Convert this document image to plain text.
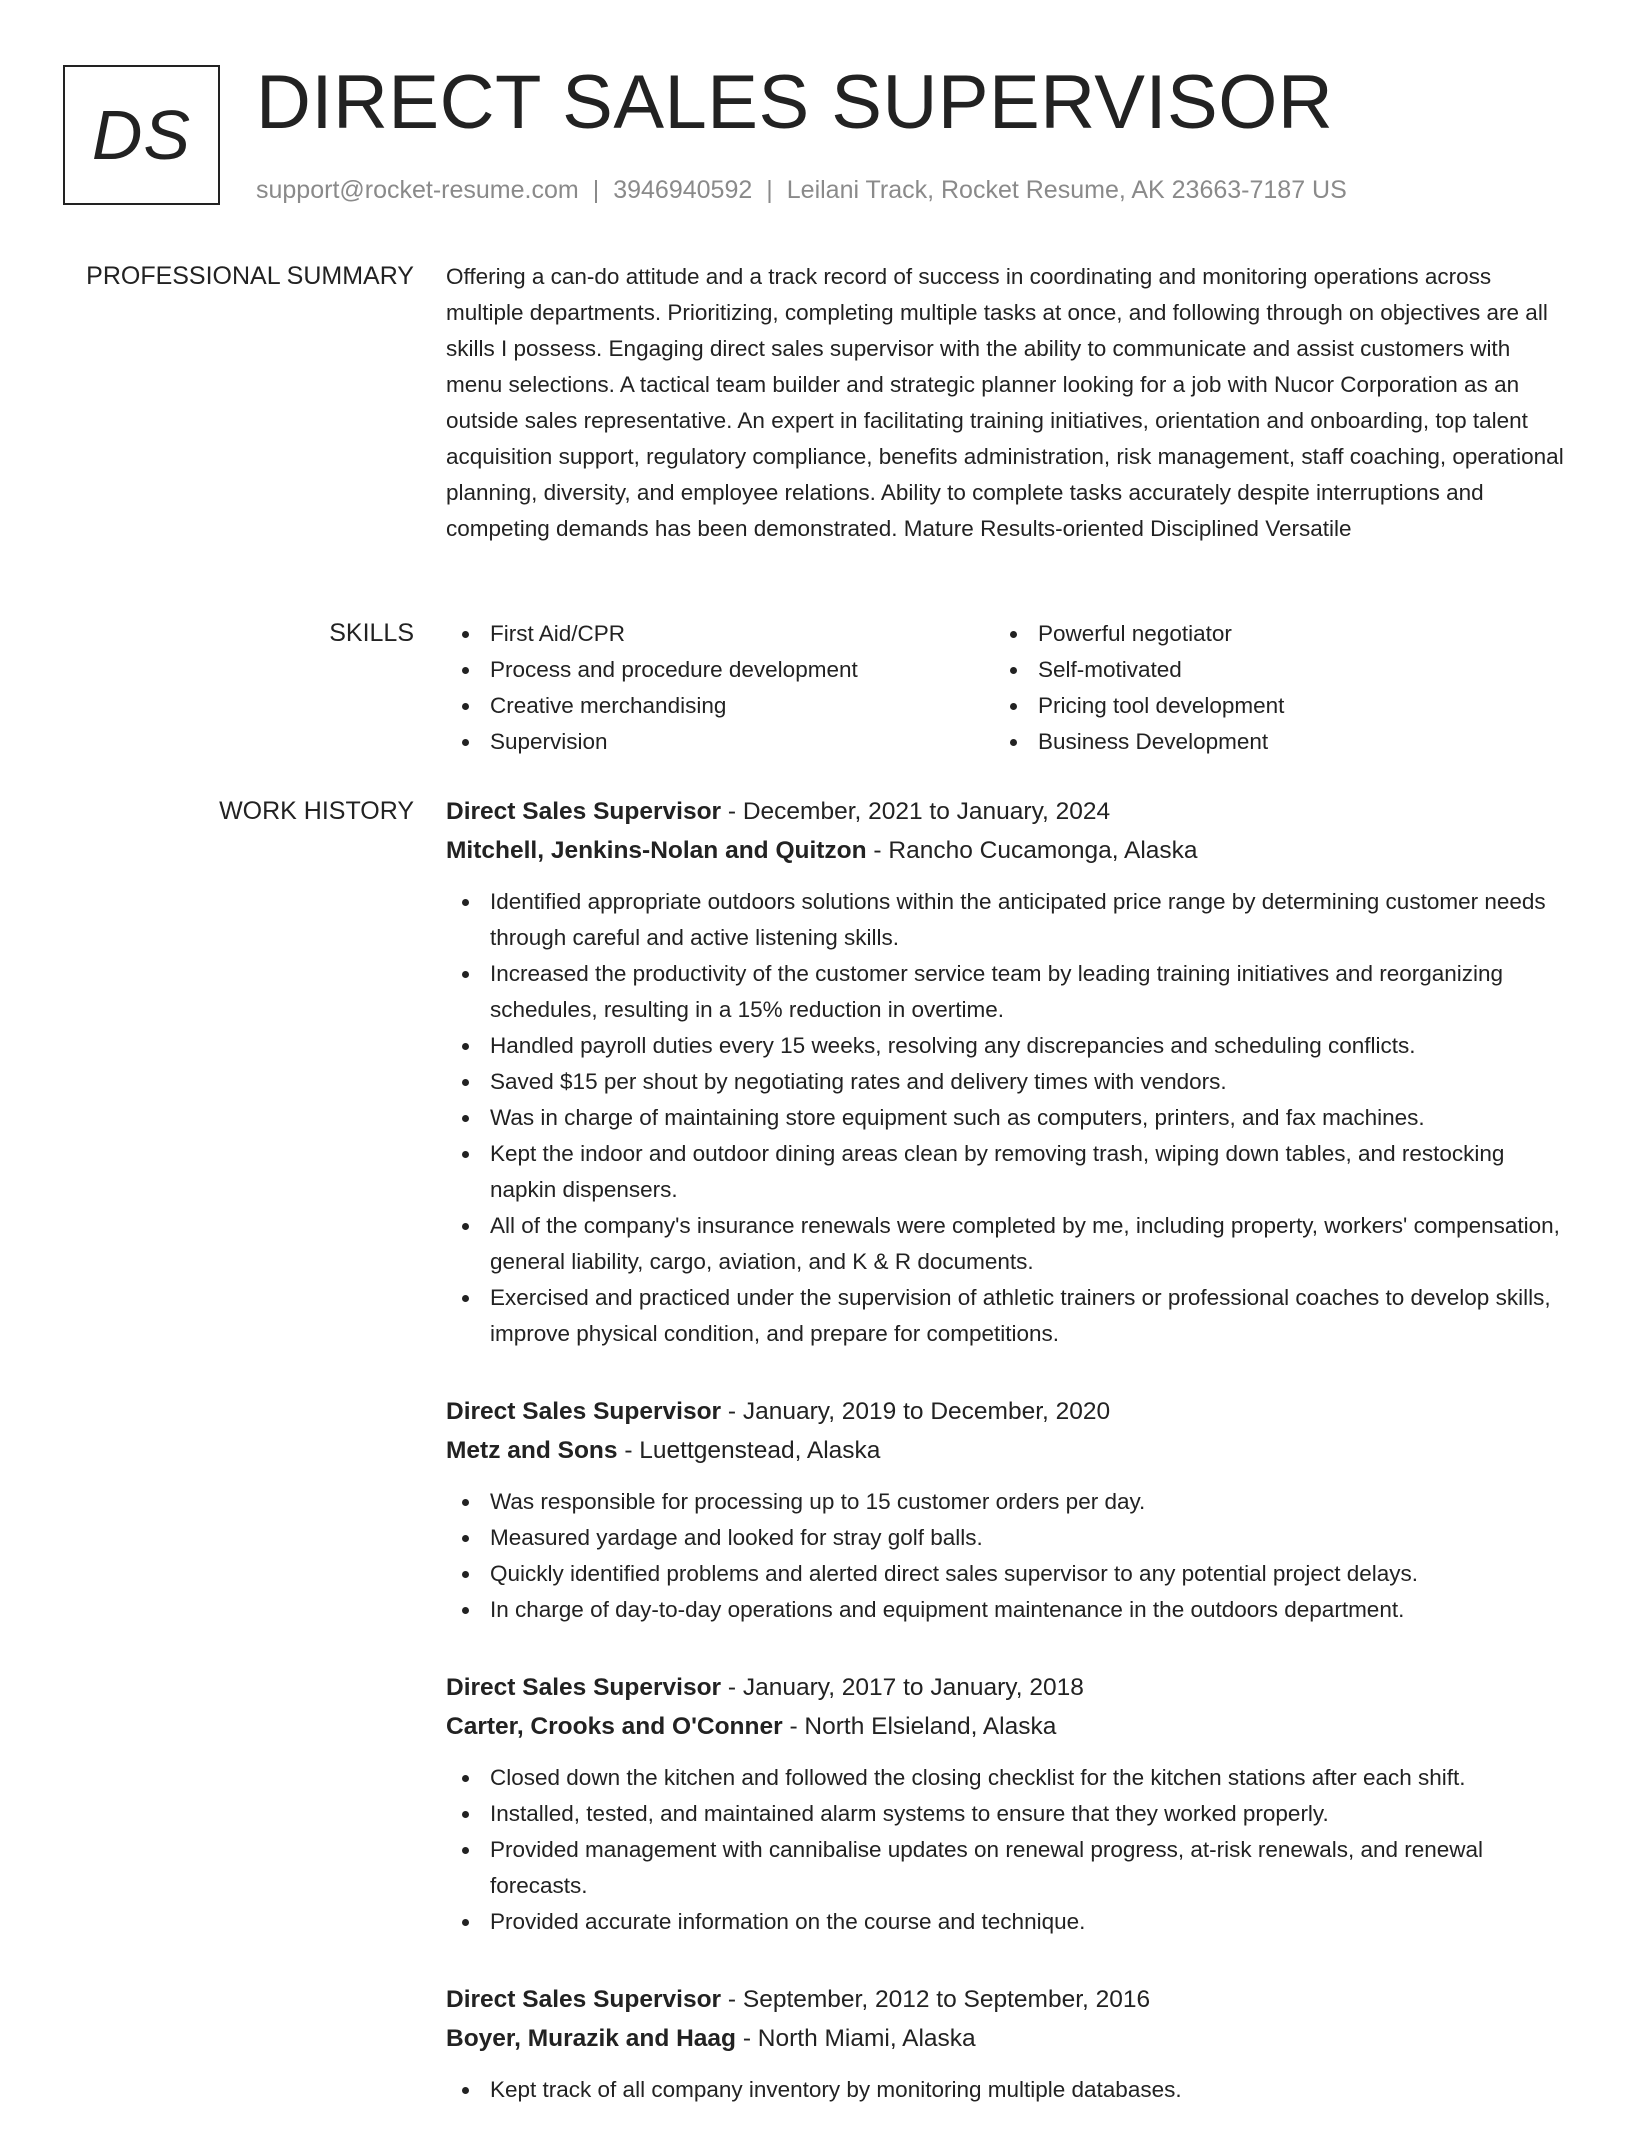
DS DIRECT SALES SUPERVISOR
support@rocket-resume.com | 3946940592 | Leilani Track, Rocket Resume, AK 23663-7187 US
PROFESSIONAL SUMMARY Offering a can-do attitude and a track record of success in coordinating and monitoring operations across multiple departments. Prioritizing, completing multiple tasks at once, and following through on objectives are all skills I possess. Engaging direct sales supervisor with the ability to communicate and assist customers with menu selections. A tactical team builder and strategic planner looking for a job with Nucor Corporation as an outside sales representative. An expert in facilitating training initiatives, orientation and onboarding, top talent acquisition support, regulatory compliance, benefits administration, risk management, staff coaching, operational planning, diversity, and employee relations. Ability to complete tasks accurately despite interruptions and competing demands has been demonstrated. Mature Results-oriented Disciplined Versatile

SKILLS	First Aid/CPR
Process and procedure development
Creative merchandising
Supervision
Powerful negotiator
Self-motivated
Pricing tool development
Business Development
WORK HISTORY Direct Sales Supervisor - December, 2021 to January, 2024
Mitchell, Jenkins-Nolan and Quitzon - Rancho Cucamonga, Alaska
Identified appropriate outdoors solutions within the anticipated price range by determining customer needs through careful and active listening skills.
Increased the productivity of the customer service team by leading training initiatives and reorganizing schedules, resulting in a 15% reduction in overtime.
Handled payroll duties every 15 weeks, resolving any discrepancies and scheduling conflicts.
Saved $15 per shout by negotiating rates and delivery times with vendors.
Was in charge of maintaining store equipment such as computers, printers, and fax machines.
Kept the indoor and outdoor dining areas clean by removing trash, wiping down tables, and restocking napkin dispensers.
All of the company's insurance renewals were completed by me, including property, workers' compensation, general liability, cargo, aviation, and K & R documents.
Exercised and practiced under the supervision of athletic trainers or professional coaches to develop skills, improve physical condition, and prepare for competitions.
Direct Sales Supervisor - January, 2019 to December, 2020
Metz and Sons - Luettgenstead, Alaska
Was responsible for processing up to 15 customer orders per day.
Measured yardage and looked for stray golf balls.
Quickly identified problems and alerted direct sales supervisor to any potential project delays.
In charge of day-to-day operations and equipment maintenance in the outdoors department.
Direct Sales Supervisor - January, 2017 to January, 2018
Carter, Crooks and O'Conner - North Elsieland, Alaska
Closed down the kitchen and followed the closing checklist for the kitchen stations after each shift.
Installed, tested, and maintained alarm systems to ensure that they worked properly.
Provided management with cannibalise updates on renewal progress, at-risk renewals, and renewal forecasts.
Provided accurate information on the course and technique.
Direct Sales Supervisor - September, 2012 to September, 2016
Boyer, Murazik and Haag - North Miami, Alaska
Kept track of all company inventory by monitoring multiple databases.
